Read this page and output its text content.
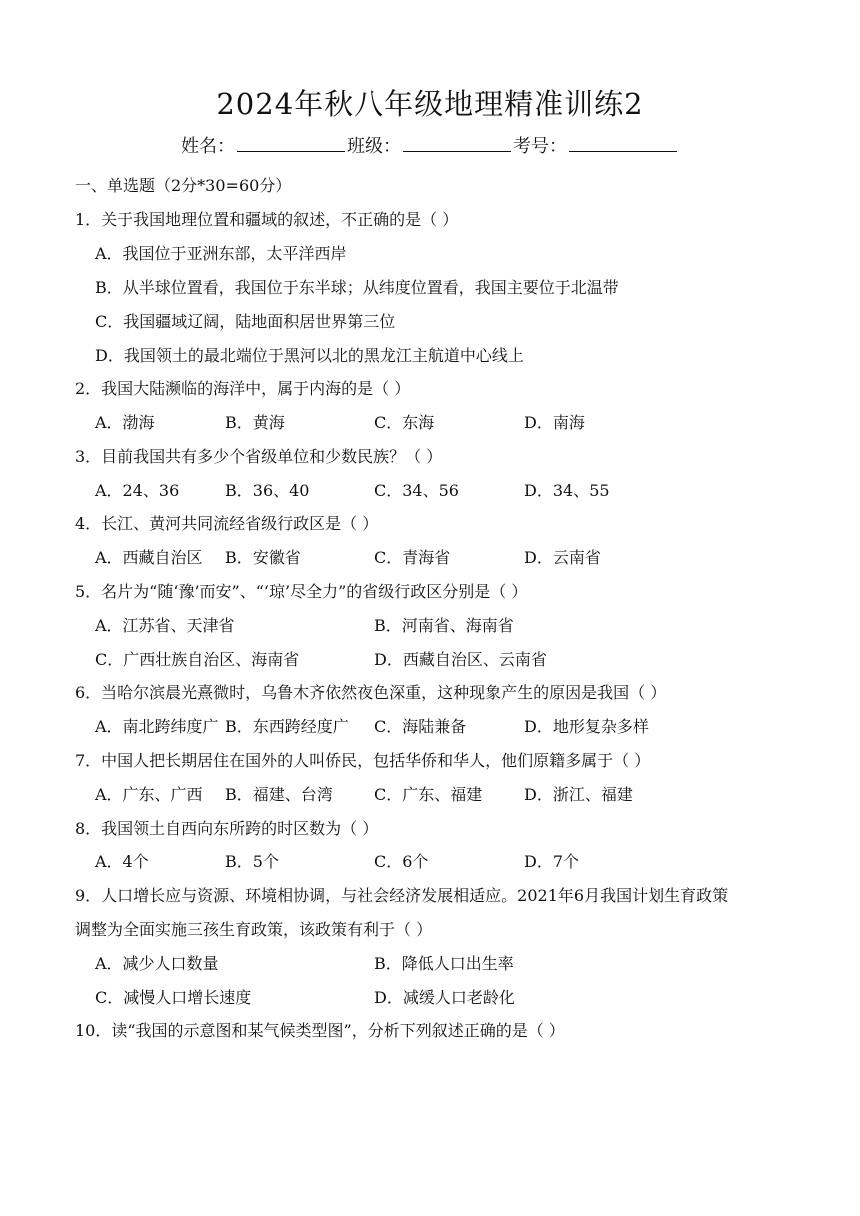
2024年秋八年级地理精准训练2
姓名：	班级：	考号：
一、单选题（2分*30=60分）
1．关于我国地理位置和疆域的叙述，不正确的是（ ）
A．我国位于亚洲东部，太平洋西岸
B．从半球位置看，我国位于东半球；从纬度位置看，我国主要位于北温带
C．我国疆域辽阔，陆地面积居世界第三位
D．我国领土的最北端位于黑河以北的黑龙江主航道中心线上
2．我国大陆濒临的海洋中，属于内海的是（ ）
A．渤海	B．黄海	C．东海	D．南海
3．目前我国共有多少个省级单位和少数民族？（ ）
A．24、36	B．36、40	C．34、56	D．34、55
4．长江、黄河共同流经省级行政区是（ ）
A．西藏自治区 B．安徽省	C．青海省	D．云南省
5．名片为“随‘豫’而安”、“‘琼’尽全力”的省级行政区分别是（ ）
A．江苏省、天津省	B．河南省、海南省
C．广西壮族自治区、海南省	D．西藏自治区、云南省
6．当哈尔滨晨光熹微时，乌鲁木齐依然夜色深重，这种现象产生的原因是我国（ ）
A．南北跨纬度广 B．东西跨经度广 C．海陆兼备	D．地形复杂多样
7．中国人把长期居住在国外的人叫侨民，包括华侨和华人，他们原籍多属于（ ）
A．广东、广西 B．福建、台湾	C．广东、福建	D．浙江、福建
8．我国领土自西向东所跨的时区数为（ ）
A．4个	B．5个	C．6个	D．7个
9．人口增长应与资源、环境相协调，与社会经济发展相适应。2021年6月我国计划生育政策
调整为全面实施三孩生育政策，该政策有利于（ ）
A．减少人口数量	B．降低人口出生率
C．减慢人口增长速度	D．减缓人口老龄化
10．读“我国的示意图和某气候类型图”，分析下列叙述正确的是（ ）
